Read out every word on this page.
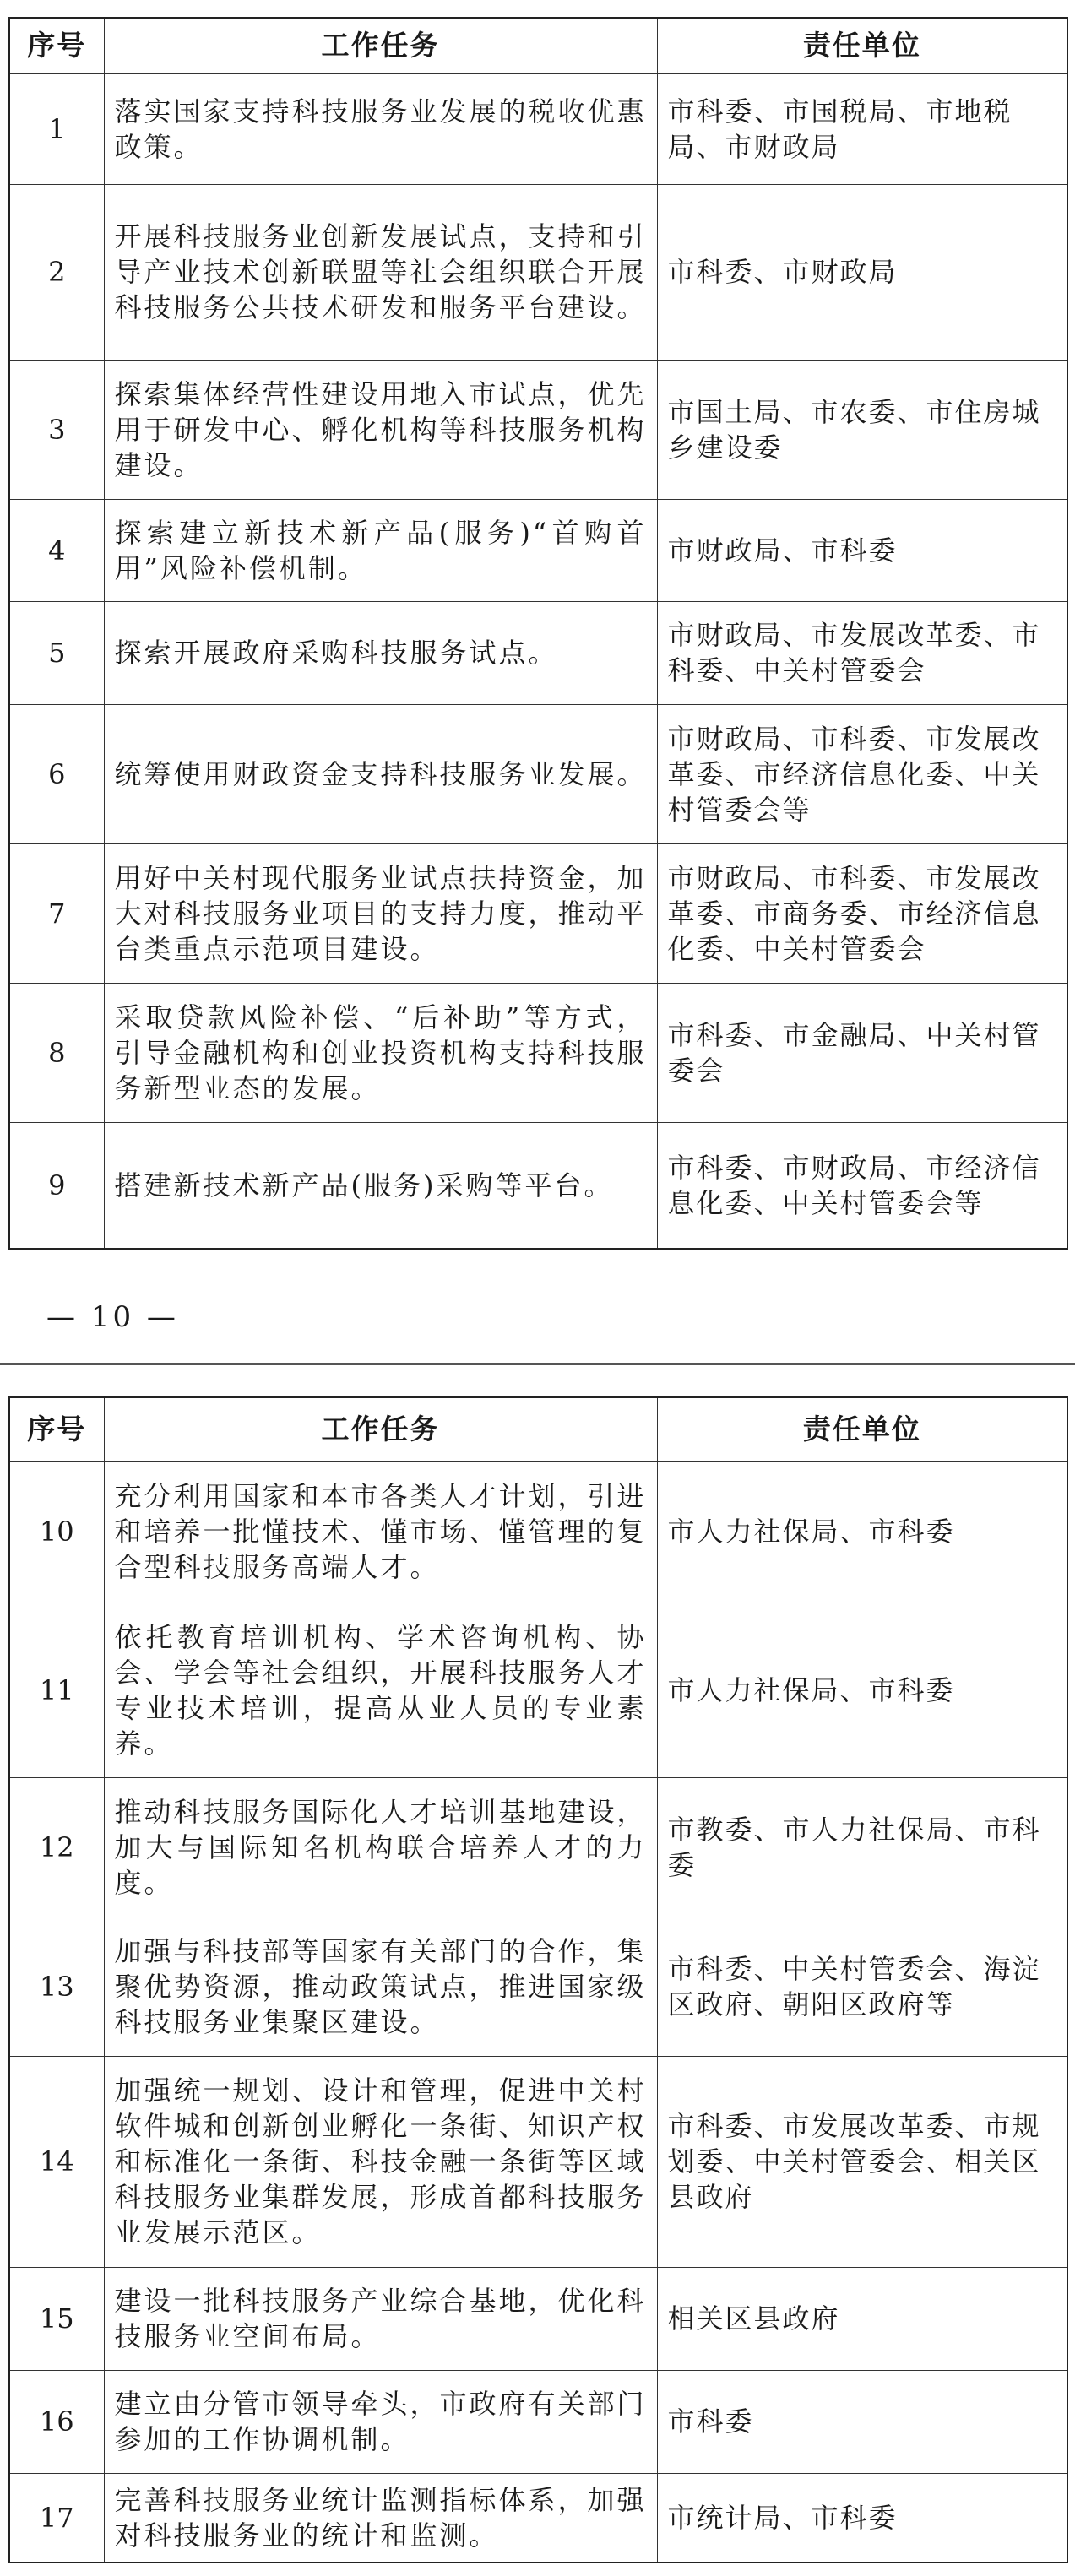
序号	工作任务	责任单位
1	落实国家支持科技服务业发展的税收优惠政策。	市科委、市国税局、市地税局、市财政局
2	开展科技服务业创新发展试点，支持和引导产业技术创新联盟等社会组织联合开展科技服务公共技术研发和服务平台建设。	市科委、市财政局
3	探索集体经营性建设用地入市试点，优先用于研发中心、孵化机构等科技服务机构建设。	市国土局、市农委、市住房城乡建设委
4	探索建立新技术新产品(服务)“首购首用”风险补偿机制。	市财政局、市科委
5	探索开展政府采购科技服务试点。	市财政局、市发展改革委、市科委、中关村管委会
6	统筹使用财政资金支持科技服务业发展。	市财政局、市科委、市发展改革委、市经济信息化委、中关村管委会等
7	用好中关村现代服务业试点扶持资金，加大对科技服务业项目的支持力度，推动平台类重点示范项目建设。	市财政局、市科委、市发展改革委、市商务委、市经济信息化委、中关村管委会
8	采取贷款风险补偿、“后补助”等方式，引导金融机构和创业投资机构支持科技服务新型业态的发展。	市科委、市金融局、中关村管委会
9	搭建新技术新产品(服务)采购等平台。	市科委、市财政局、市经济信息化委、中关村管委会等
— 10 —
序号	工作任务	责任单位
10	充分利用国家和本市各类人才计划，引进和培养一批懂技术、懂市场、懂管理的复合型科技服务高端人才。	市人力社保局、市科委
11	依托教育培训机构、学术咨询机构、协会、学会等社会组织，开展科技服务人才专业技术培训，提高从业人员的专业素养。	市人力社保局、市科委
12	推动科技服务国际化人才培训基地建设，加大与国际知名机构联合培养人才的力度。	市教委、市人力社保局、市科委
13	加强与科技部等国家有关部门的合作，集聚优势资源，推动政策试点，推进国家级科技服务业集聚区建设。	市科委、中关村管委会、海淀区政府、朝阳区政府等
14	加强统一规划、设计和管理，促进中关村软件城和创新创业孵化一条街、知识产权和标准化一条街、科技金融一条街等区域科技服务业集群发展，形成首都科技服务业发展示范区。	市科委、市发展改革委、市规划委、中关村管委会、相关区县政府
15	建设一批科技服务产业综合基地，优化科技服务业空间布局。	相关区县政府
16	建立由分管市领导牵头，市政府有关部门参加的工作协调机制。	市科委
17	完善科技服务业统计监测指标体系，加强对科技服务业的统计和监测。	市统计局、市科委
